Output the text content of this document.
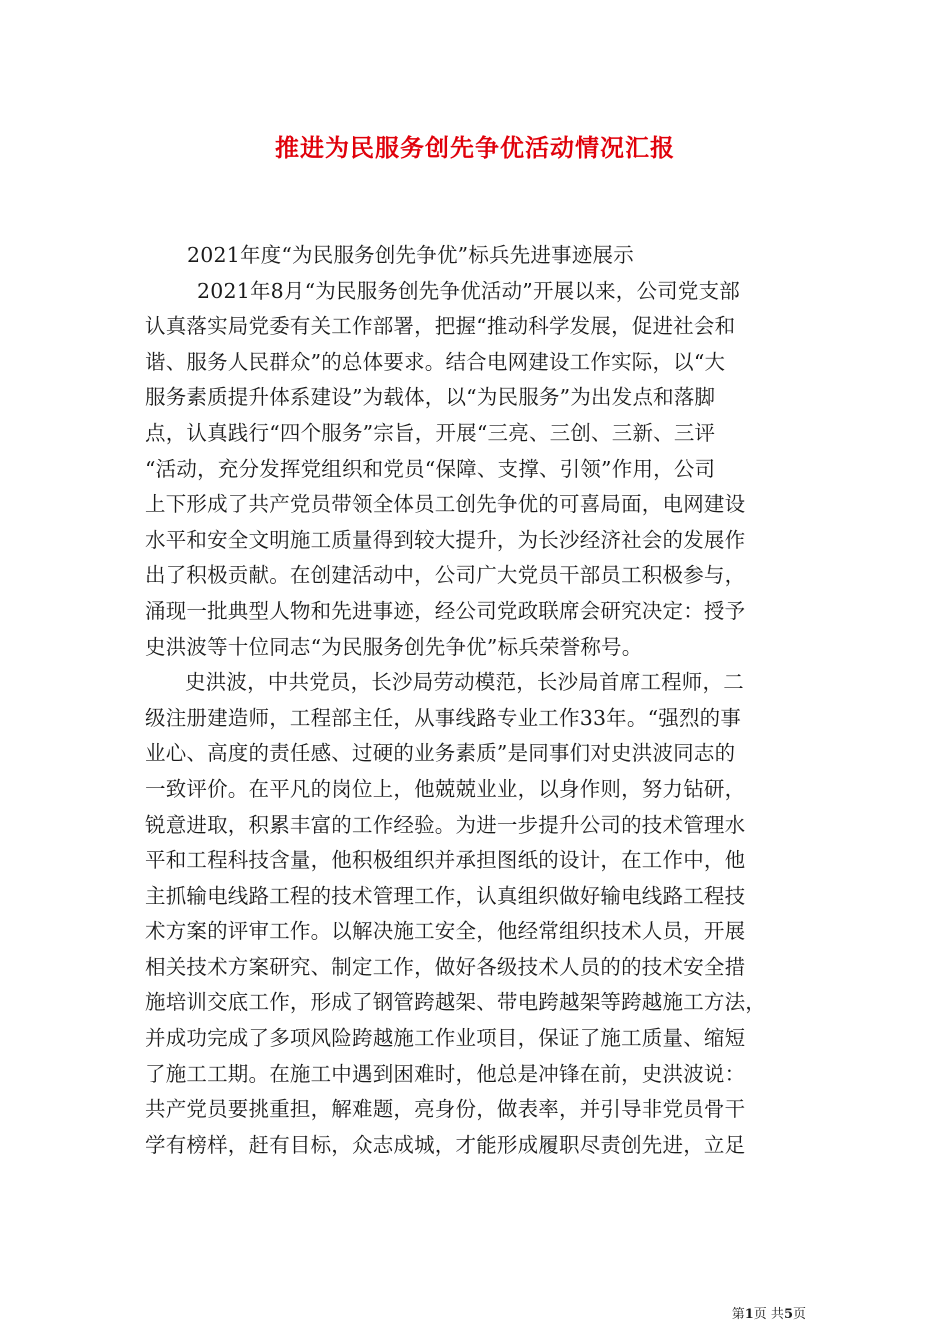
推进为民服务创先争优活动情况汇报
2021年度“为民服务创先争优”标兵先进事迹展示
2021年8月“为民服务创先争优活动”开展以来，公司党支部
认真落实局党委有关工作部署，把握“推动科学发展，促进社会和
谐、服务人民群众”的总体要求。结合电网建设工作实际，以“大
服务素质提升体系建设”为载体，以“为民服务”为出发点和落脚
点，认真践行“四个服务”宗旨，开展“三亮、三创、三新、三评
“活动，充分发挥党组织和党员“保障、支撑、引领”作用，公司
上下形成了共产党员带领全体员工创先争优的可喜局面，电网建设
水平和安全文明施工质量得到较大提升，为长沙经济社会的发展作
出了积极贡献。在创建活动中，公司广大党员干部员工积极参与，
涌现一批典型人物和先进事迹，经公司党政联席会研究决定：授予
史洪波等十位同志“为民服务创先争优”标兵荣誉称号。
史洪波，中共党员，长沙局劳动模范，长沙局首席工程师，二
级注册建造师，工程部主任，从事线路专业工作33年。“强烈的事
业心、高度的责任感、过硬的业务素质”是同事们对史洪波同志的
一致评价。在平凡的岗位上，他兢兢业业，以身作则，努力钻研，
锐意进取，积累丰富的工作经验。为进一步提升公司的技术管理水
平和工程科技含量，他积极组织并承担图纸的设计，在工作中，他
主抓输电线路工程的技术管理工作，认真组织做好输电线路工程技
术方案的评审工作。以解决施工安全，他经常组织技术人员，开展
相关技术方案研究、制定工作，做好各级技术人员的的技术安全措
施培训交底工作，形成了钢管跨越架、带电跨越架等跨越施工方法，
并成功完成了多项风险跨越施工作业项目，保证了施工质量、缩短
了施工工期。在施工中遇到困难时，他总是冲锋在前，史洪波说：
共产党员要挑重担，解难题，亮身份，做表率，并引导非党员骨干
学有榜样，赶有目标，众志成城，才能形成履职尽责创先进，立足
第1页 共5页
